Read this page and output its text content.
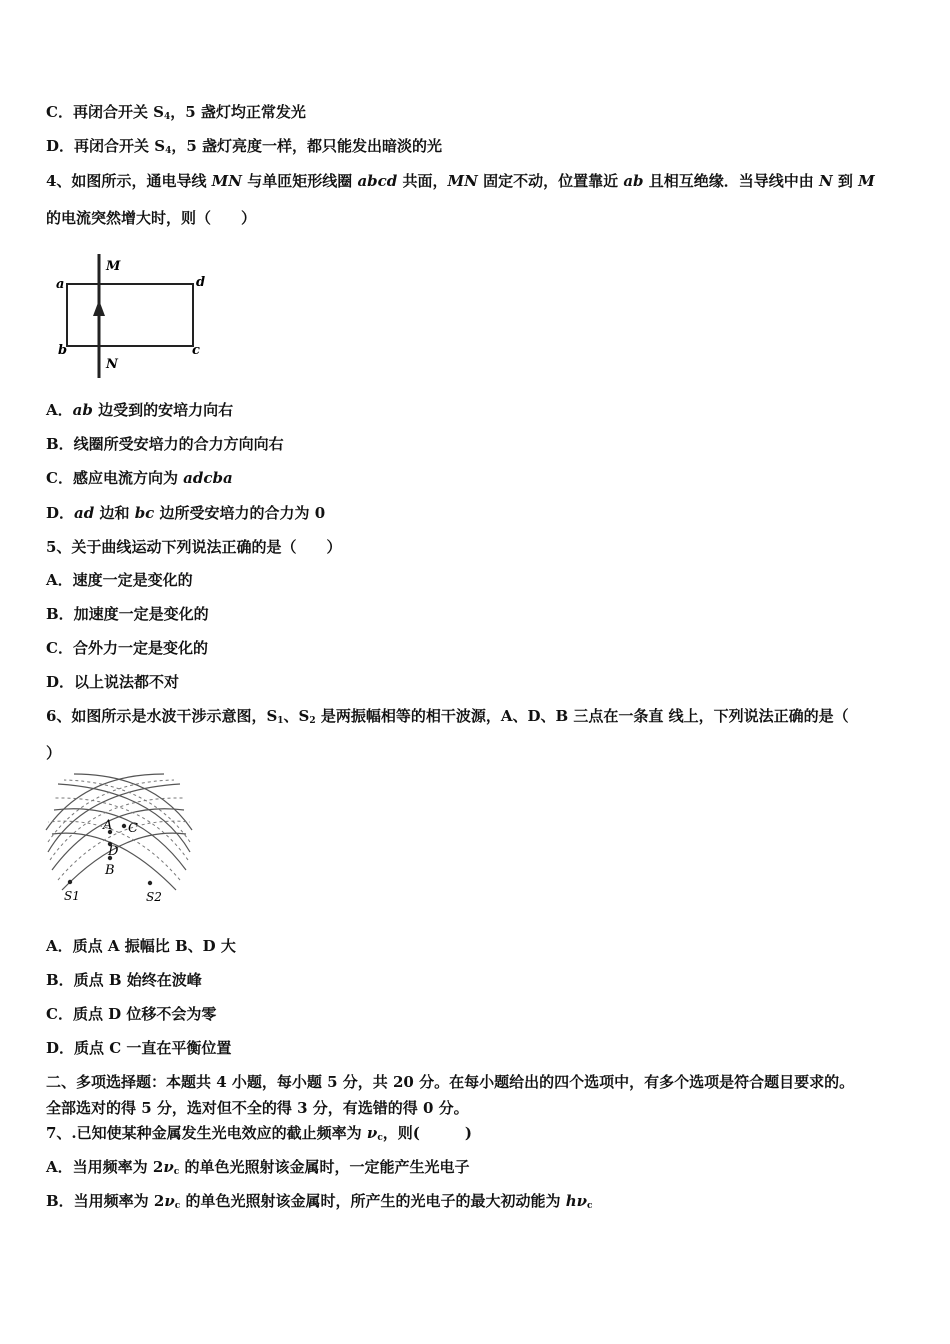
C．再闭合开关 $S_4$，5 盏灯均正常发光
D．再闭合开关 $S_4$，5 盏灯亮度一样，都只能发出暗淡的光
4、如图所示，通电导线 MN 与单匝矩形线圈 abcd 共面，MN 固定不动，位置靠近 ab 且相互绝缘．当导线中由 N 到 M
的电流突然增大时，则（　　）
M
a	d
b	c
N
A．ab 边受到的安培力向右
B．线圈所受安培力的合力方向向右
C．感应电流方向为 adcba
D．ad 边和 bc 边所受安培力的合力为 0
5、关于曲线运动下列说法正确的是（　　）
A．速度一定是变化的
B．加速度一定是变化的
C．合外力一定是变化的
D．以上说法都不对
6、如图所示是水波干涉示意图，$S_1$、$S_2$ 是两振幅相等的相干波源，A、D、B 三点在一条直 线上，下列说法正确的是（
）
A C
D
B
S1	S2
A．质点 A 振幅比 B、D 大
B．质点 B 始终在波峰
C．质点 D 位移不会为零
D．质点 C 一直在平衡位置
二、多项选择题：本题共 4 小题，每小题 5 分，共 20 分。在每小题给出的四个选项中，有多个选项是符合题目要求的。
全部选对的得 5 分，选对但不全的得 3 分，有选错的得 0 分。
7、.已知使某种金属发生光电效应的截止频率为 $\nu_c$，则(　　　)
A．当用频率为 $2\nu_c$ 的单色光照射该金属时，一定能产生光电子
B．当用频率为 $2\nu_c$ 的单色光照射该金属时，所产生的光电子的最大初动能为 $h\nu_c$
